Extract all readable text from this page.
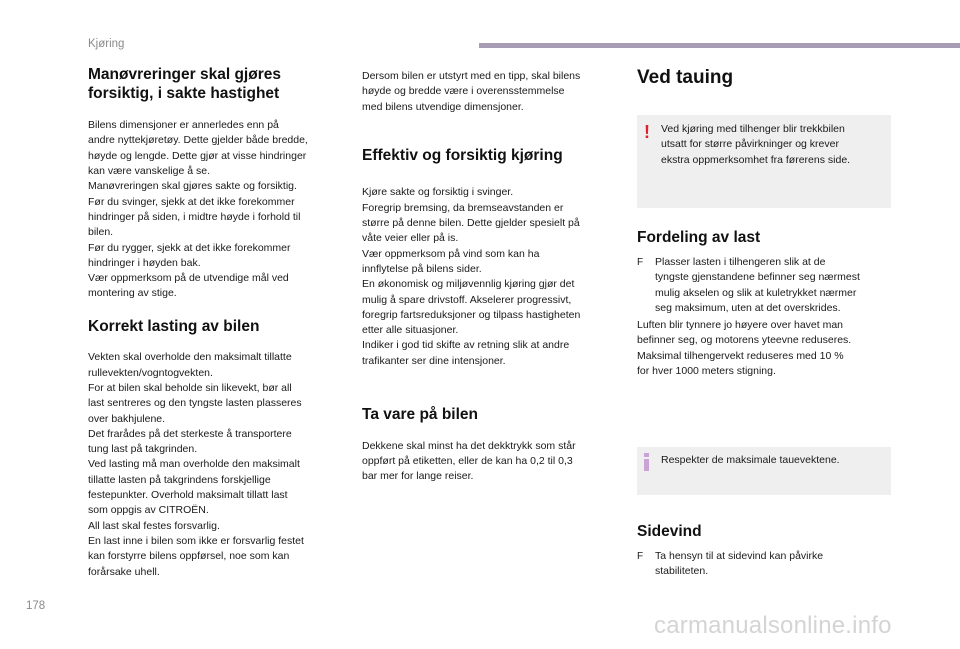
Kjøring
Manøvreringer skal gjøres
forsiktig, i sakte hastighet

Bilens dimensjoner er annerledes enn på
andre nyttekjøretøy. Dette gjelder både bredde,
høyde og lengde. Dette gjør at visse hindringer
kan være vanskelige å se.
Manøvreringen skal gjøres sakte og forsiktig.
Før du svinger, sjekk at det ikke forekommer
hindringer på siden, i midtre høyde i forhold til
bilen.
Før du rygger, sjekk at det ikke forekommer
hindringer i høyden bak.
Vær oppmerksom på de utvendige mål ved
montering av stige.

Korrekt lasting av bilen

Vekten skal overholde den maksimalt tillatte
rullevekten/vogntogvekten.
For at bilen skal beholde sin likevekt, bør all
last sentreres og den tyngste lasten plasseres
over bakhjulene.
Det frarådes på det sterkeste å transportere
tung last på takgrinden.
Ved lasting må man overholde den maksimalt
tillatte lasten på takgrindens forskjellige
festepunkter. Overhold maksimalt tillatt last
som oppgis av CITROËN.
All last skal festes forsvarlig.
En last inne i bilen som ikke er forsvarlig festet
kan forstyrre bilens oppførsel, noe som kan
forårsake uhell.

Dersom bilen er utstyrt med en tipp, skal bilens
høyde og bredde være i overensstemmelse
med bilens utvendige dimensjoner.

Effektiv og forsiktig kjøring

Kjøre sakte og forsiktig i svinger.
Foregrip bremsing, da bremseavstanden er
større på denne bilen. Dette gjelder spesielt på
våte veier eller på is.
Vær oppmerksom på vind som kan ha
innflytelse på bilens sider.
En økonomisk og miljøvennlig kjøring gjør det
mulig å spare drivstoff. Akselerer progressivt,
foregrip fartsreduksjoner og tilpass hastigheten
etter alle situasjoner.
Indiker i god tid skifte av retning slik at andre
trafikanter ser dine intensjoner.

Ta vare på bilen

Dekkene skal minst ha det dekktrykk som står
oppført på etiketten, eller de kan ha 0,2 til 0,3
bar mer for lange reiser.

Ved tauing
! Ved kjøring med tilhenger blir trekkbilen
utsatt for større påvirkninger og krever
ekstra oppmerksomhet fra førerens side.
Fordeling av last
F Plasser lasten i tilhengeren slik at de
tyngste gjenstandene befinner seg nærmest
mulig akselen og slik at kuletrykket nærmer
seg maksimum, uten at det overskrides.

Luften blir tynnere jo høyere over havet man
befinner seg, og motorens yteevne reduseres.
Maksimal tilhengervekt reduseres med 10 %
for hver 1000 meters stigning.

Respekter de maksimale tauevektene.
Sidevind
F Ta hensyn til at sidevind kan påvirke
stabiliteten.
178
carmanualsonline.info
